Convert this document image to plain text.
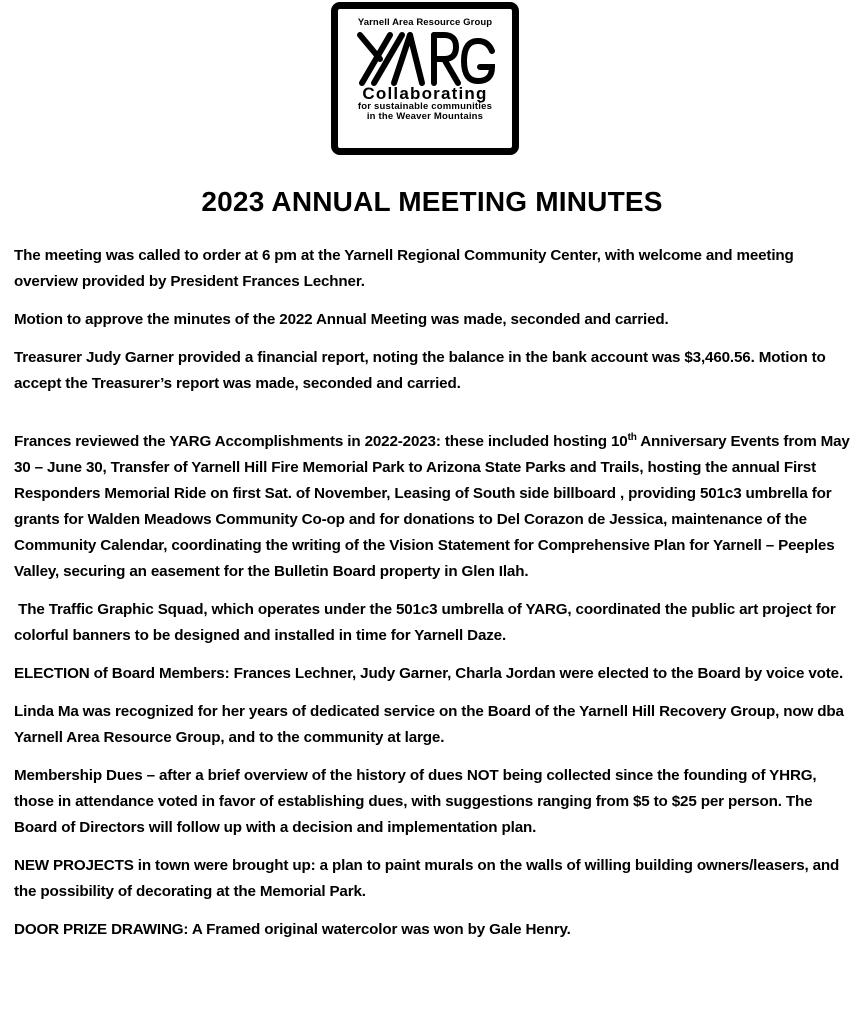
Yarnell Area Resource Group
Collaborating
for sustainable communities
in the Weaver Mountains
2023 ANNUAL MEETING MINUTES

The meeting was called to order at 6 pm at the Yarnell Regional Community Center, with welcome and meeting overview provided by President Frances Lechner.

Motion to approve the minutes of the 2022 Annual Meeting was made, seconded and carried.

Treasurer Judy Garner provided a financial report, noting the balance in the bank account was $3,460.56. Motion to accept the Treasurer’s report was made, seconded and carried.

Frances reviewed the YARG Accomplishments in 2022-2023: these included hosting 10th Anniversary Events from May 30 – June 30, Transfer of Yarnell Hill Fire Memorial Park to Arizona State Parks and Trails, hosting the annual First Responders Memorial Ride on first Sat. of November, Leasing of South side billboard , providing 501c3 umbrella for grants for Walden Meadows Community Co-op and for donations to Del Corazon de Jessica, maintenance of the Community Calendar, coordinating the writing of the Vision Statement for Comprehensive Plan for Yarnell – Peeples Valley, securing an easement for the Bulletin Board property in Glen Ilah.

The Traffic Graphic Squad, which operates under the 501c3 umbrella of YARG, coordinated the public art project for colorful banners to be designed and installed in time for Yarnell Daze.

ELECTION of Board Members: Frances Lechner, Judy Garner, Charla Jordan were elected to the Board by voice vote.

Linda Ma was recognized for her years of dedicated service on the Board of the Yarnell Hill Recovery Group, now dba Yarnell Area Resource Group, and to the community at large.

Membership Dues – after a brief overview of the history of dues NOT being collected since the founding of YHRG, those in attendance voted in favor of establishing dues, with suggestions ranging from $5 to $25 per person. The Board of Directors will follow up with a decision and implementation plan.

NEW PROJECTS in town were brought up: a plan to paint murals on the walls of willing building owners/leasers, and the possibility of decorating at the Memorial Park.

DOOR PRIZE DRAWING: A Framed original watercolor was won by Gale Henry.
